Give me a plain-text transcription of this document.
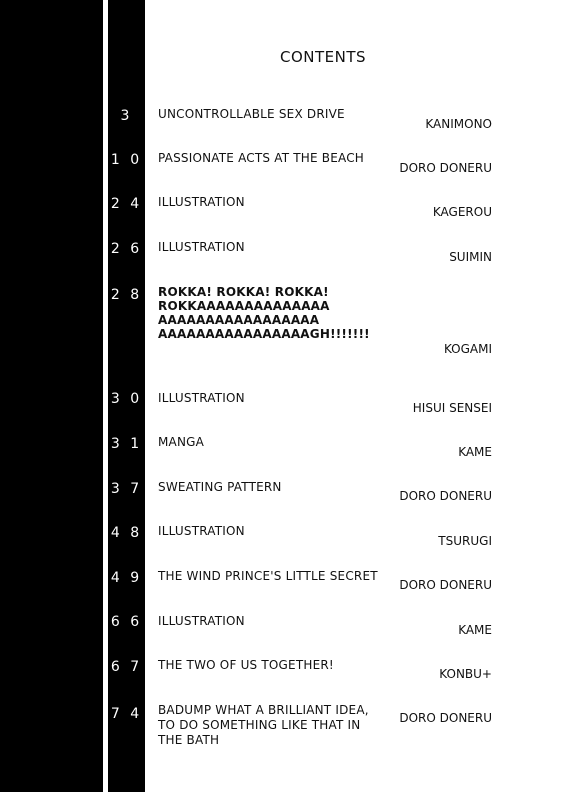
CONTENTS
3	UNCONTROLLABLE SEX DRIVE
KANIMONO
1 0 PASSIONATE ACTS AT THE BEACH
DORO DONERU
2 4 ILLUSTRATION
KAGEROU
2 6 ILLUSTRATION
SUIMIN
2 8 ROKKA! ROKKA! ROKKA! ROKKAAAAAAAAAAAAAA AAAAAAAAAAAAAAAAA AAAAAAAAAAAAAAAAGH!!!!!!!
KOGAMI
3 0 ILLUSTRATION
HISUI SENSEI
3 1 MANGA
KAME
3 7 SWEATING PATTERN
DORO DONERU
4 8 ILLUSTRATION
TSURUGI
4 9 THE WIND PRINCE'S LITTLE SECRET
DORO DONERU
6 6 ILLUSTRATION
KAME
6 7 THE TWO OF US TOGETHER!
KONBU+
7 4 BADUMP WHAT A BRILLIANT IDEA, TO DO SOMETHING LIKE THAT IN THE BATH
DORO DONERU
